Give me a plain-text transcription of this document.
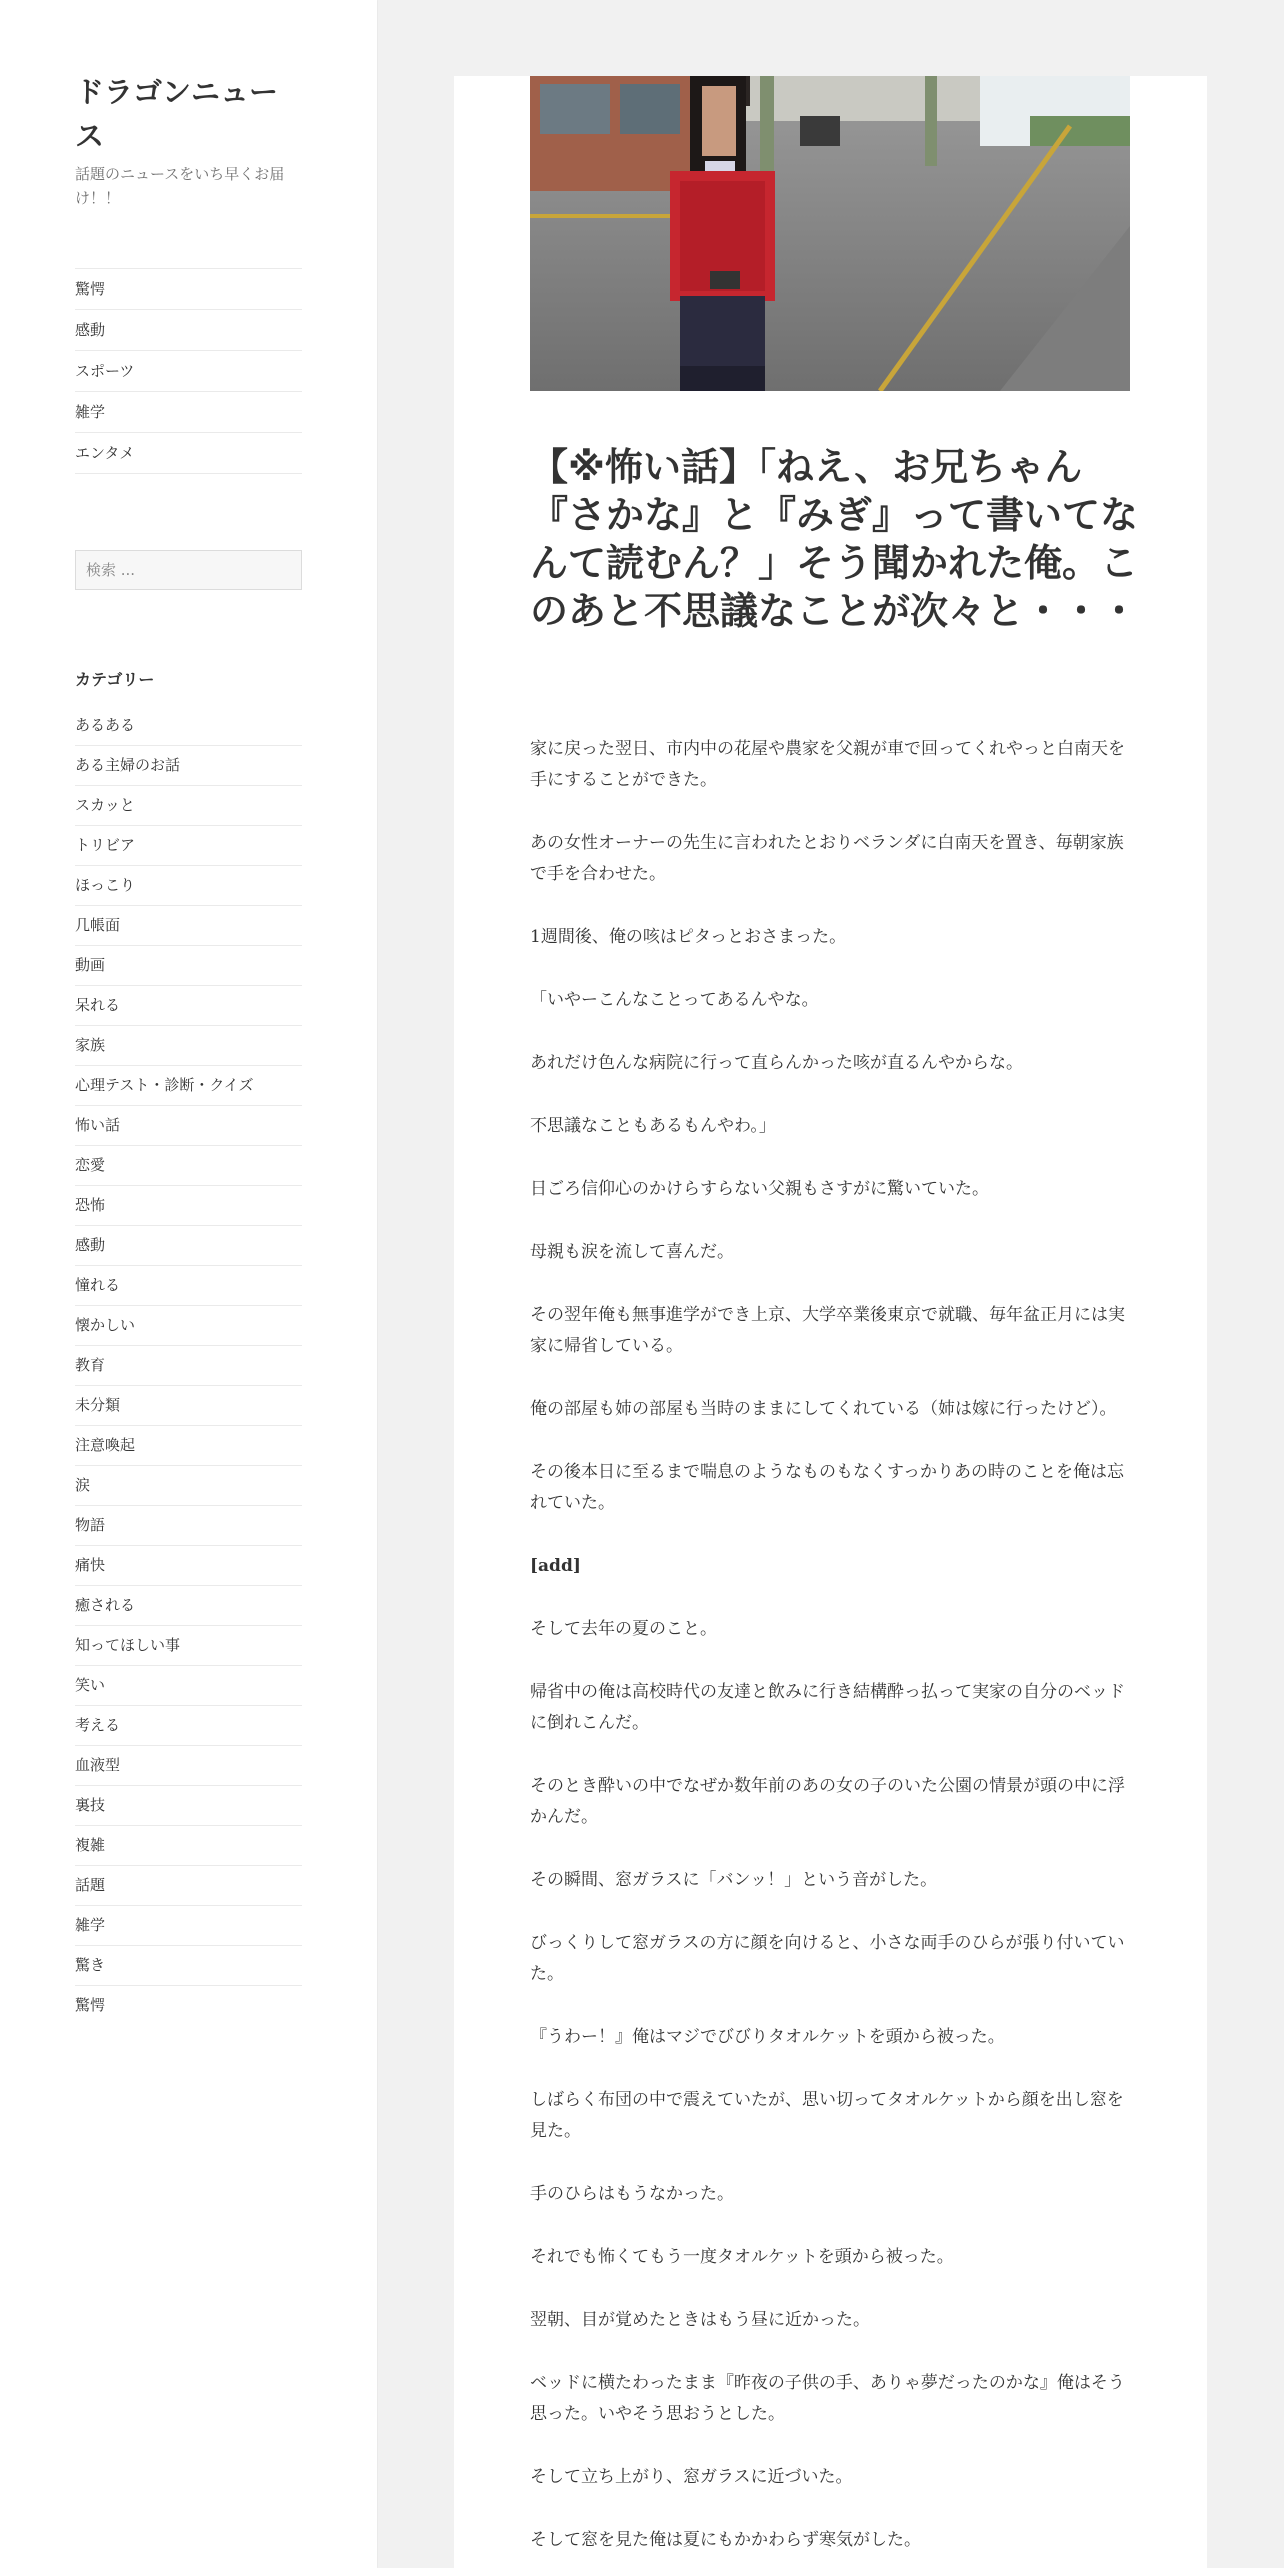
ドラゴンニュース

話題のニュースをいち早くお届け！！

驚愕
感動
スポーツ
雑学
エンタメ
検索 ...
カテゴリー
あるある
ある主婦のお話
スカッと
トリビア
ほっこり
几帳面
動画
呆れる
家族
心理テスト・診断・クイズ
怖い話
恋愛
恐怖
感動
憧れる
懐かしい
教育
未分類
注意喚起
涙
物語
痛快
癒される
知ってほしい事
笑い
考える
血液型
裏技
複雑
話題
雑学
驚き
驚愕
【※怖い話】「ねえ、お兄ちゃん『さかな』と『みぎ』って書いてなんて読むん？」そう聞かれた俺。このあと不思議なことが次々と・・・

家に戻った翌日、市内中の花屋や農家を父親が車で回ってくれやっと白南天を手にすることができた。

あの女性オーナーの先生に言われたとおりベランダに白南天を置き、毎朝家族で手を合わせた。

1週間後、俺の咳はピタっとおさまった。

「いやーこんなことってあるんやな。

あれだけ色んな病院に行って直らんかった咳が直るんやからな。

不思議なこともあるもんやわ。」

日ごろ信仰心のかけらすらない父親もさすがに驚いていた。

母親も涙を流して喜んだ。

その翌年俺も無事進学ができ上京、大学卒業後東京で就職、毎年盆正月には実家に帰省している。

俺の部屋も姉の部屋も当時のままにしてくれている（姉は嫁に行ったけど）。

その後本日に至るまで喘息のようなものもなくすっかりあの時のことを俺は忘れていた。

[add]

そして去年の夏のこと。

帰省中の俺は高校時代の友達と飲みに行き結構酔っ払って実家の自分のベッドに倒れこんだ。

そのとき酔いの中でなぜか数年前のあの女の子のいた公園の情景が頭の中に浮かんだ。

その瞬間、窓ガラスに「バンッ！」という音がした。

びっくりして窓ガラスの方に顔を向けると、小さな両手のひらが張り付いていた。

『うわー！』俺はマジでびびりタオルケットを頭から被った。

しばらく布団の中で震えていたが、思い切ってタオルケットから顔を出し窓を見た。

手のひらはもうなかった。

それでも怖くてもう一度タオルケットを頭から被った。

翌朝、目が覚めたときはもう昼に近かった。

ベッドに横たわったまま『昨夜の子供の手、ありゃ夢だったのかな』俺はそう思った。いやそう思おうとした。

そして立ち上がり、窓ガラスに近づいた。

そして窓を見た俺は夏にもかかわらず寒気がした。
